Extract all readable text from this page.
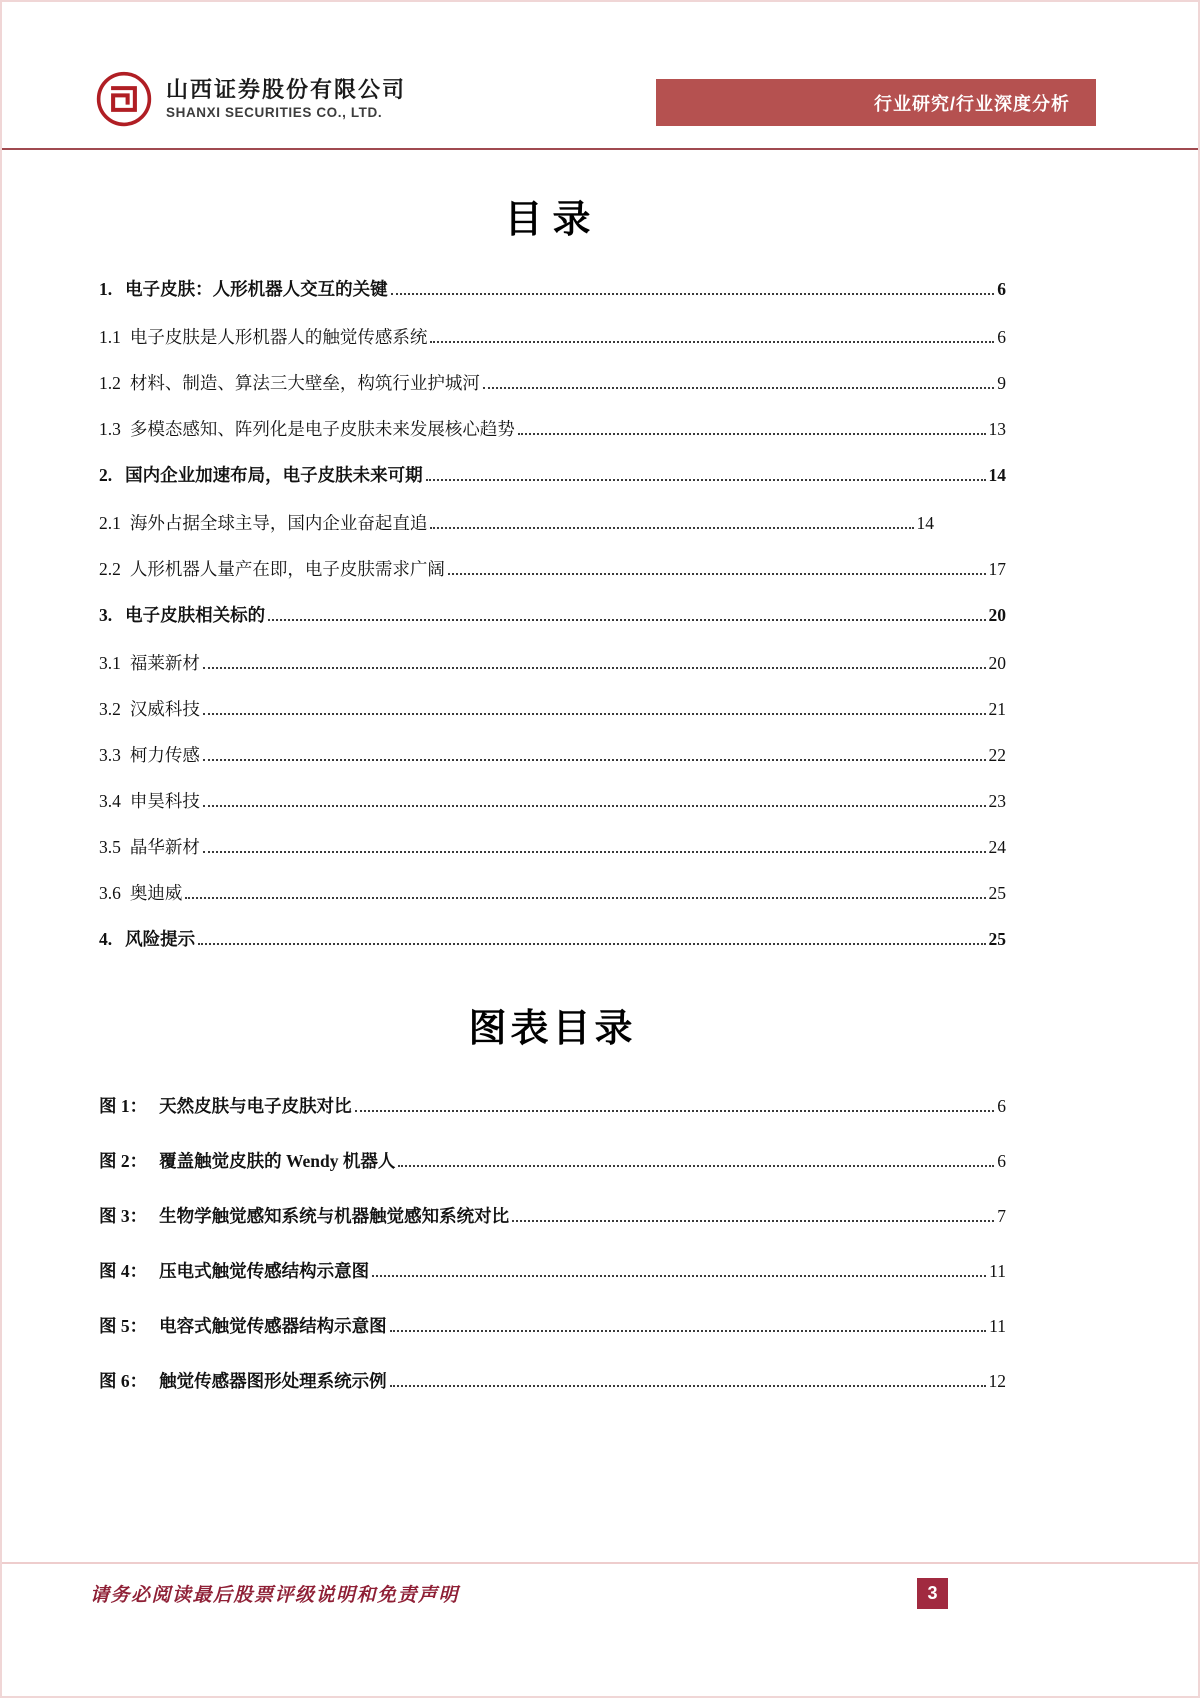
山西证券股份有限公司
SHANXI SECURITIES CO., LTD.	行业研究/行业深度分析
目录
1. 电子皮肤：人形机器人交互的关键	6
1.1 电子皮肤是人形机器人的触觉传感系统	6
1.2 材料、制造、算法三大壁垒，构筑行业护城河	9
1.3 多模态感知、阵列化是电子皮肤未来发展核心趋势	13
2. 国内企业加速布局，电子皮肤未来可期	14
2.1 海外占据全球主导，国内企业奋起直追	14
2.2 人形机器人量产在即，电子皮肤需求广阔	17
3. 电子皮肤相关标的	20
3.1 福莱新材	20
3.2 汉威科技	21
3.3 柯力传感	22
3.4 申昊科技	23
3.5 晶华新材	24
3.6 奥迪威	25
4. 风险提示	25
图表目录
图 1： 天然皮肤与电子皮肤对比	6
图 2： 覆盖触觉皮肤的 Wendy 机器人	6
图 3： 生物学触觉感知系统与机器触觉感知系统对比	7
图 4： 压电式触觉传感结构示意图	11
图 5： 电容式触觉传感器结构示意图	11
图 6： 触觉传感器图形处理系统示例	12
请务必阅读最后股票评级说明和免责声明	3
